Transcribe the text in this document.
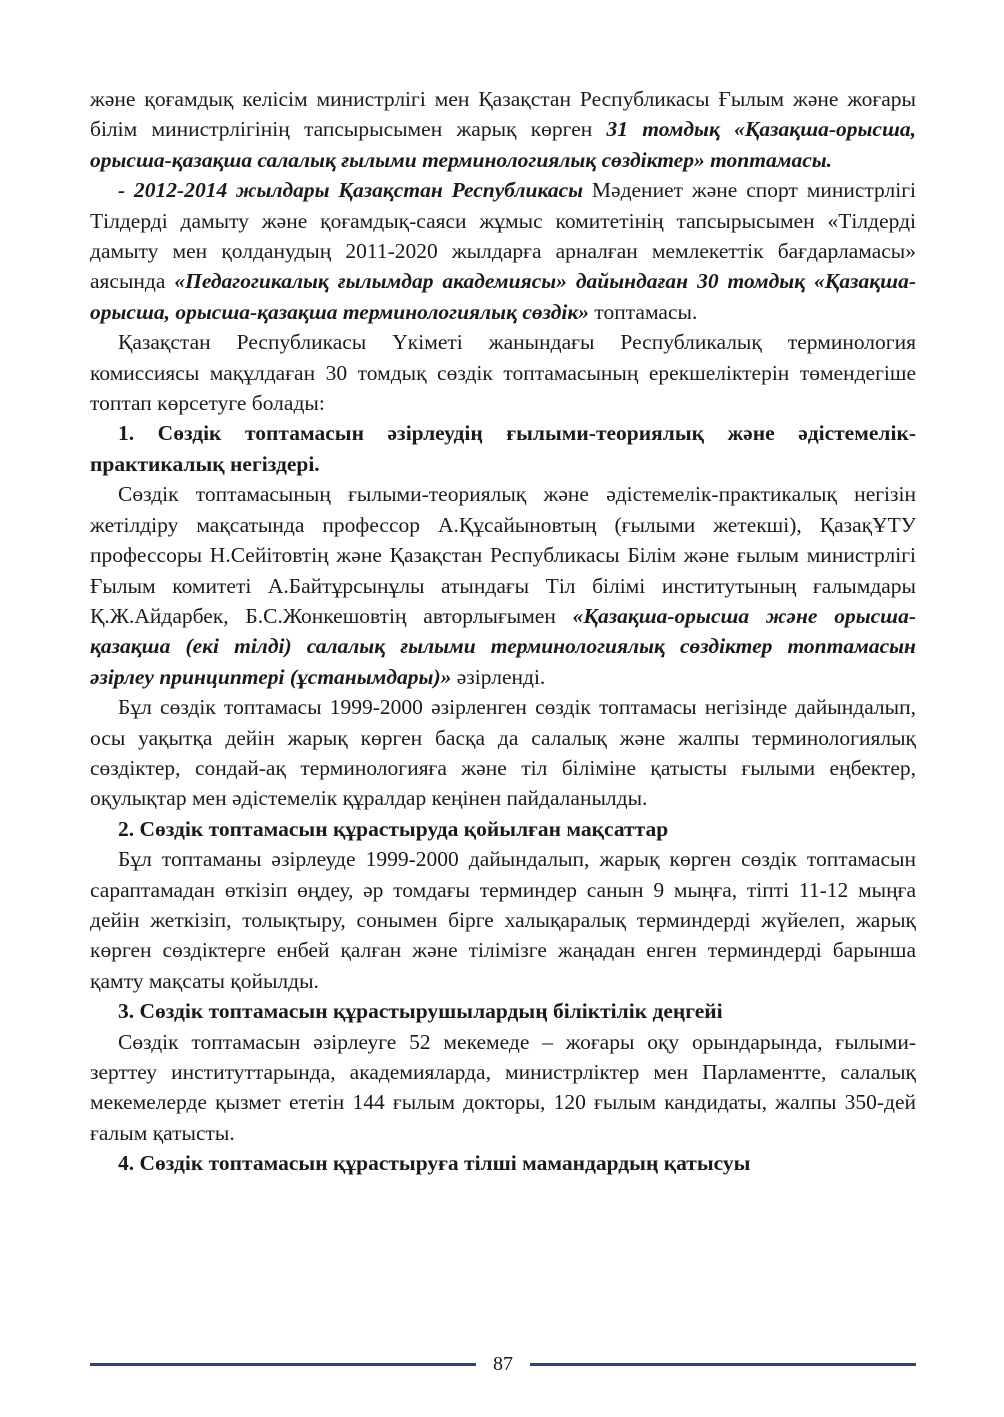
және қоғамдық келісім министрлігі мен Қазақстан Республикасы Ғылым және жоғары білім министрлігінің тапсырысымен жарық көрген 31 томдық «Қазақша-орысша, орысша-қазақша салалық ғылыми терминологиялық сөздіктер» топтамасы.

- 2012-2014 жылдары Қазақстан Республикасы Мәдениет және спорт министрлігі Тілдерді дамыту және қоғамдық-саяси жұмыс комитетінің тапсырысымен «Тілдерді дамыту мен қолданудың 2011-2020 жылдарға арналған мемлекеттік бағдарламасы» аясында «Педагогикалық ғылымдар академиясы» дайындаған 30 томдық «Қазақша-орысша, орысша-қазақша терминологиялық сөздік» топтамасы.

Қазақстан Республикасы Үкіметі жанындағы Республикалық терминология комиссиясы мақұлдаған 30 томдық сөздік топтамасының ерекшеліктерін төмендегіше топтап көрсетуге болады:

1. Сөздік топтамасын әзірлеудің ғылыми-теориялық және әдістемелік-практикалық негіздері.

Сөздік топтамасының ғылыми-теориялық және әдістемелік-практикалық негізін жетілдіру мақсатында профессор А.Құсайыновтың (ғылыми жетекші), ҚазақҰТУ профессоры Н.Сейітовтің және Қазақстан Республикасы Білім және ғылым министрлігі Ғылым комитеті А.Байтұрсынұлы атындағы Тіл білімі институтының ғалымдары Қ.Ж.Айдарбек, Б.С.Жонкешовтің авторлығымен «Қазақша-орысша және орысша-қазақша (екі тілді) салалық ғылыми терминологиялық сөздіктер топтамасын әзірлеу принциптері (ұстанымдары)» әзірленді.

Бұл сөздік топтамасы 1999-2000 әзірленген сөздік топтамасы негізінде дайындалып, осы уақытқа дейін жарық көрген басқа да салалық және жалпы терминологиялық сөздіктер, сондай-ақ терминологияға және тіл біліміне қатысты ғылыми еңбектер, оқулықтар мен әдістемелік құралдар кеңінен пайдаланылды.

2. Сөздік топтамасын құрастыруда қойылған мақсаттар

Бұл топтаманы әзірлеуде 1999-2000 дайындалып, жарық көрген сөздік топтамасын сараптамадан өткізіп өңдеу, әр томдағы терминдер санын 9 мыңға, тіпті 11-12 мыңға дейін жеткізіп, толықтыру, сонымен бірге халықаралық терминдерді жүйелеп, жарық көрген сөздіктерге енбей қалған және тілімізге жаңадан енген терминдерді барынша қамту мақсаты қойылды.

3. Сөздік топтамасын құрастырушылардың біліктілік деңгейі

Сөздік топтамасын әзірлеуге 52 мекемеде – жоғары оқу орындарында, ғылыми-зерттеу институттарында, академияларда, министрліктер мен Парламентте, салалық мекемелерде қызмет ететін 144 ғылым докторы, 120 ғылым кандидаты, жалпы 350-дей ғалым қатысты.

4. Сөздік топтамасын құрастыруға тілші мамандардың қатысуы

87
